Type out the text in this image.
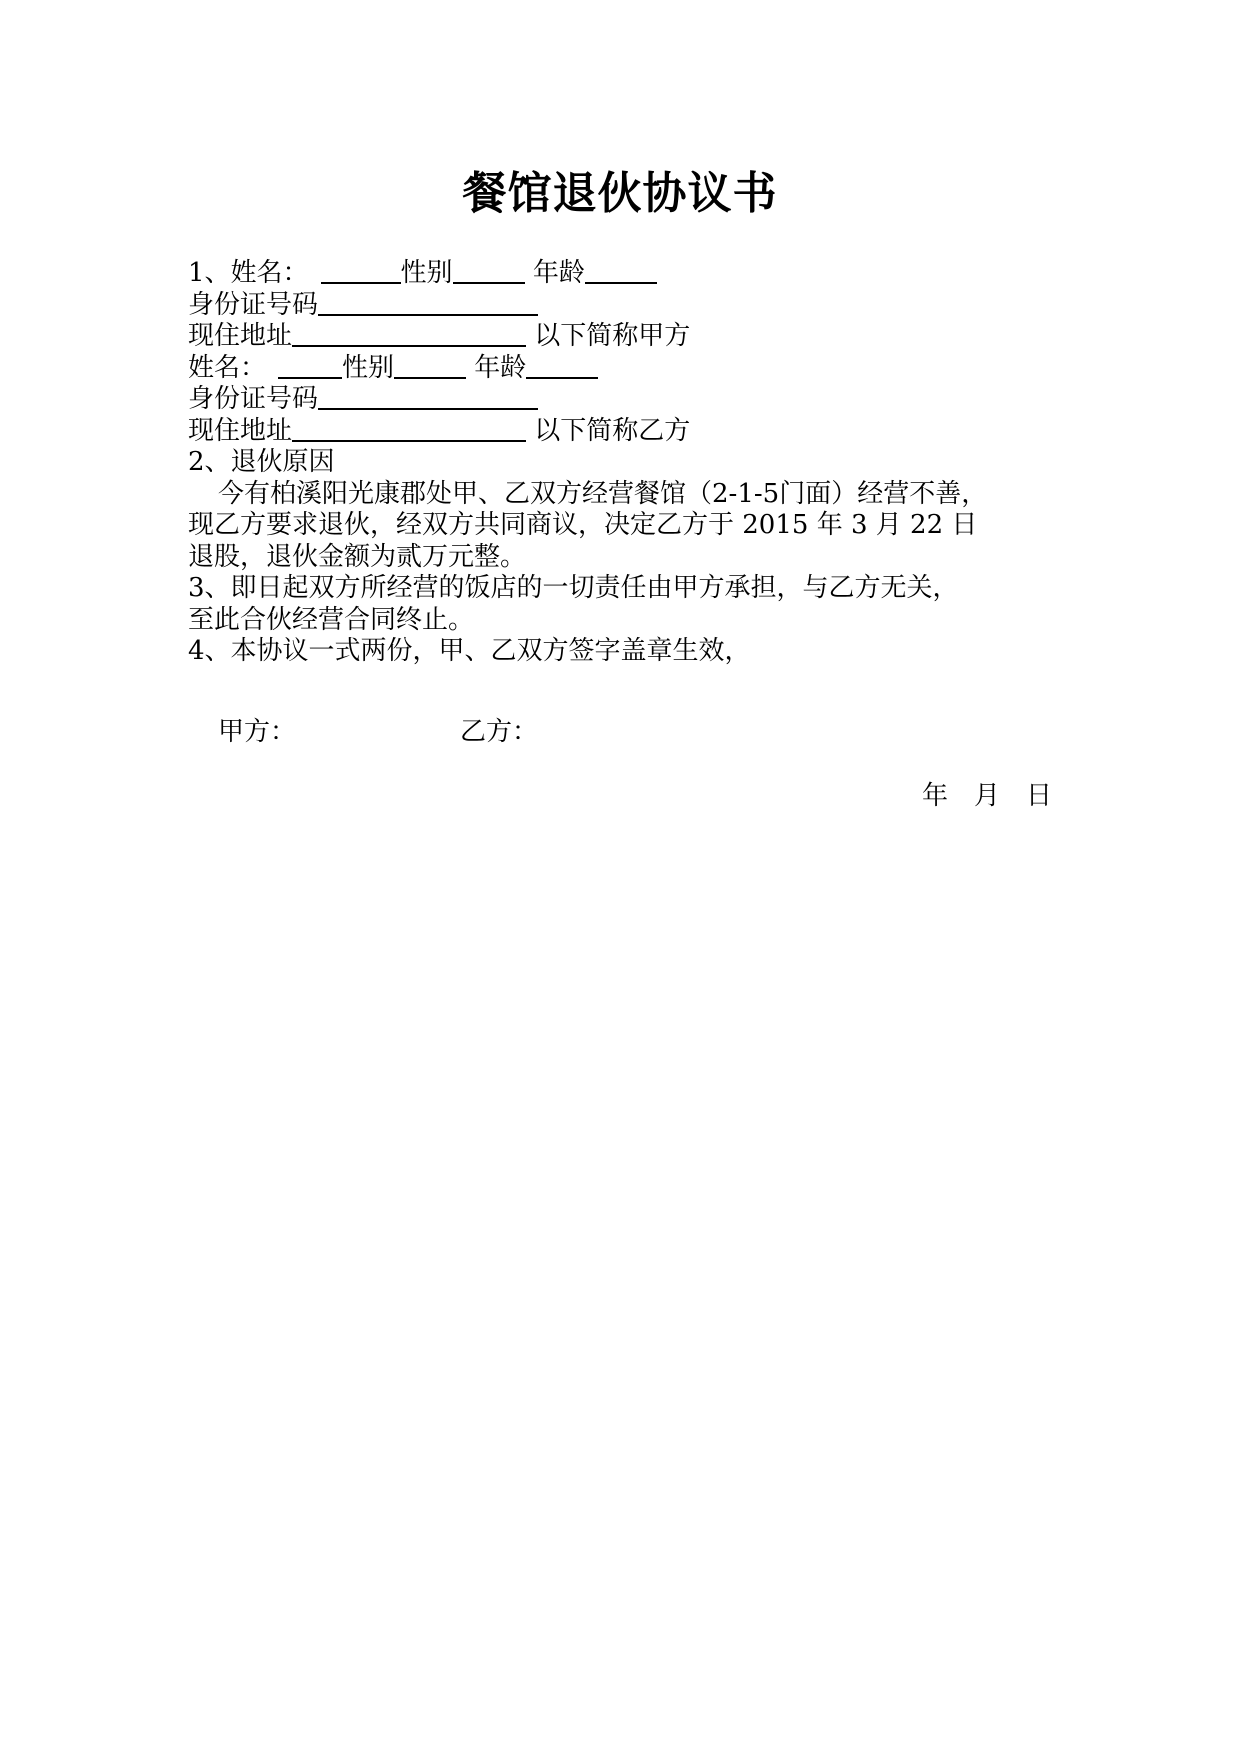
餐馆退伙协议书
1、姓名：	性别	年龄
身份证号码
现住地址	以下简称甲方
姓名：	性别	年龄
身份证号码
现住地址	以下简称乙方
2、退伙原因
今有柏溪阳光康郡处甲、乙双方经营餐馆（2-1-5门面）经营不善，
现乙方要求退伙，经双方共同商议，决定乙方于 2015 年 3 月 22 日
退股，退伙金额为贰万元整。
3、即日起双方所经营的饭店的一切责任由甲方承担，与乙方无关，
至此合伙经营合同终止。
4、本协议一式两份，甲、乙双方签字盖章生效，
甲方：	乙方：
年 月 日
